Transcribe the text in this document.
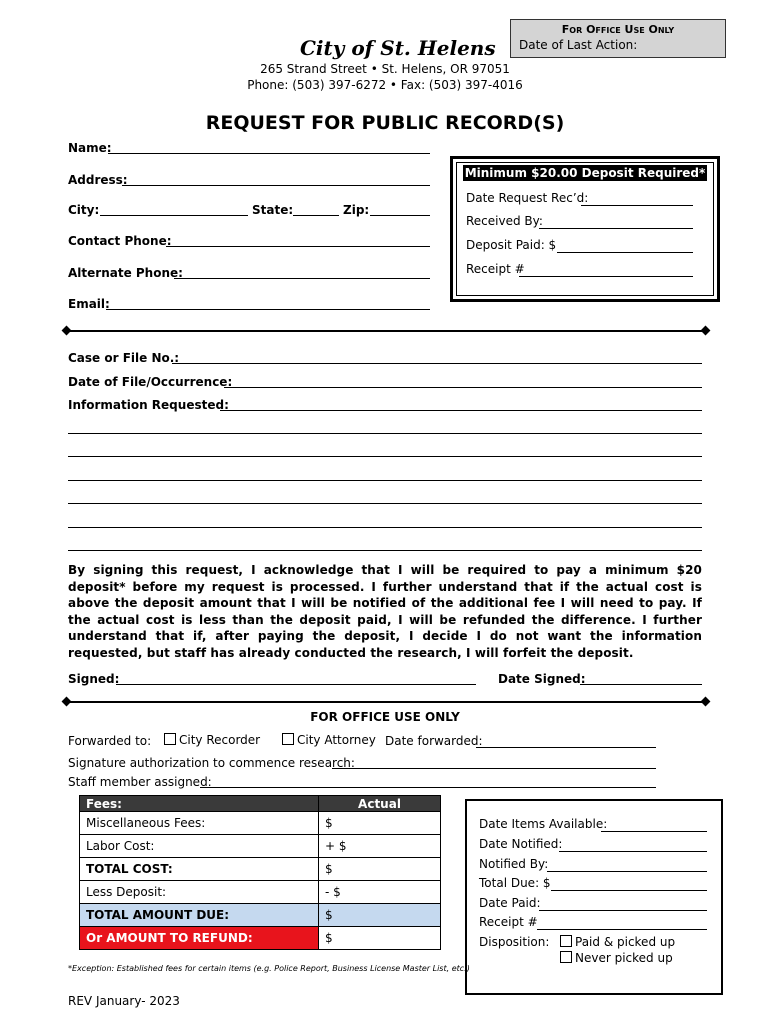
For Office Use Only
Date of Last Action:
City of St. Helens
265 Strand Street • St. Helens, OR 97051
Phone: (503) 397-6272 • Fax: (503) 397-4016
REQUEST FOR PUBLIC RECORD(S)
Name:
Address:
City:	State:	Zip:
Contact Phone:
Alternate Phone:
Email:
Minimum $20.00 Deposit Required*
Date Request Rec’d:
Received By:
Deposit Paid: $
Receipt #
Case or File No.:
Date of File/Occurrence:
Information Requested:
By signing this request, I acknowledge that I will be required to pay a minimum $20 deposit* before my request is processed. I further understand that if the actual cost is above the deposit amount that I will be notified of the additional fee I will need to pay. If the actual cost is less than the deposit paid, I will be refunded the difference. I further understand that if, after paying the deposit, I decide I do not want the information requested, but staff has already conducted the research, I will forfeit the deposit.
Signed:	Date Signed:
FOR OFFICE USE ONLY
Forwarded to:	City Recorder	City Attorney Date forwarded:
Signature authorization to commence research:
Staff member assigned:
Fees:	Actual
Miscellaneous Fees:	$
Labor Cost:	+ $
TOTAL COST:	$
Less Deposit:	- $
TOTAL AMOUNT DUE:	$
Or AMOUNT TO REFUND:	$
Date Items Available:
Date Notified:
Notified By:
Total Due: $
Date Paid:
Receipt #
Disposition:	Paid & picked up
Never picked up
*Exception: Established fees for certain items (e.g. Police Report, Business License Master List, etc.)
REV January- 2023
